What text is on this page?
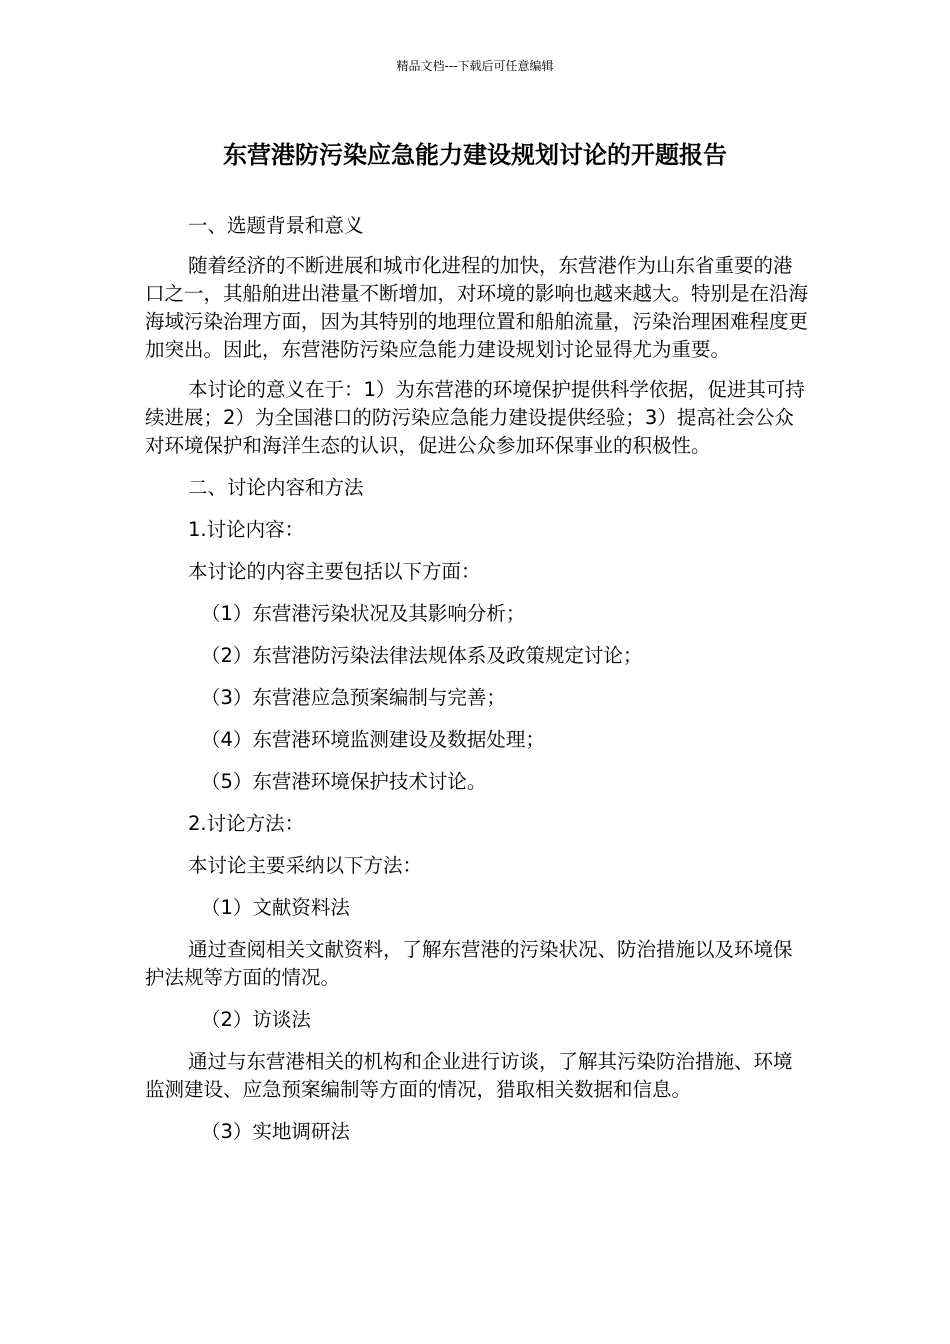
精品文档---下载后可任意编辑
东营港防污染应急能力建设规划讨论的开题报告

一、选题背景和意义

随着经济的不断进展和城市化进程的加快，东营港作为山东省重要的港口之一，其船舶进出港量不断增加，对环境的影响也越来越大。特别是在沿海海域污染治理方面，因为其特别的地理位置和船舶流量，污染治理困难程度更加突出。因此，东营港防污染应急能力建设规划讨论显得尤为重要。

本讨论的意义在于：1）为东营港的环境保护提供科学依据，促进其可持续进展；2）为全国港口的防污染应急能力建设提供经验；3）提高社会公众对环境保护和海洋生态的认识，促进公众参加环保事业的积极性。

二、讨论内容和方法

1.讨论内容：

本讨论的内容主要包括以下方面：

（1）东营港污染状况及其影响分析；

（2）东营港防污染法律法规体系及政策规定讨论；

（3）东营港应急预案编制与完善；

（4）东营港环境监测建设及数据处理；

（5）东营港环境保护技术讨论。

2.讨论方法：

本讨论主要采纳以下方法：

（1）文献资料法

通过查阅相关文献资料，了解东营港的污染状况、防治措施以及环境保护法规等方面的情况。

（2）访谈法

通过与东营港相关的机构和企业进行访谈，了解其污染防治措施、环境监测建设、应急预案编制等方面的情况，猎取相关数据和信息。

（3）实地调研法
